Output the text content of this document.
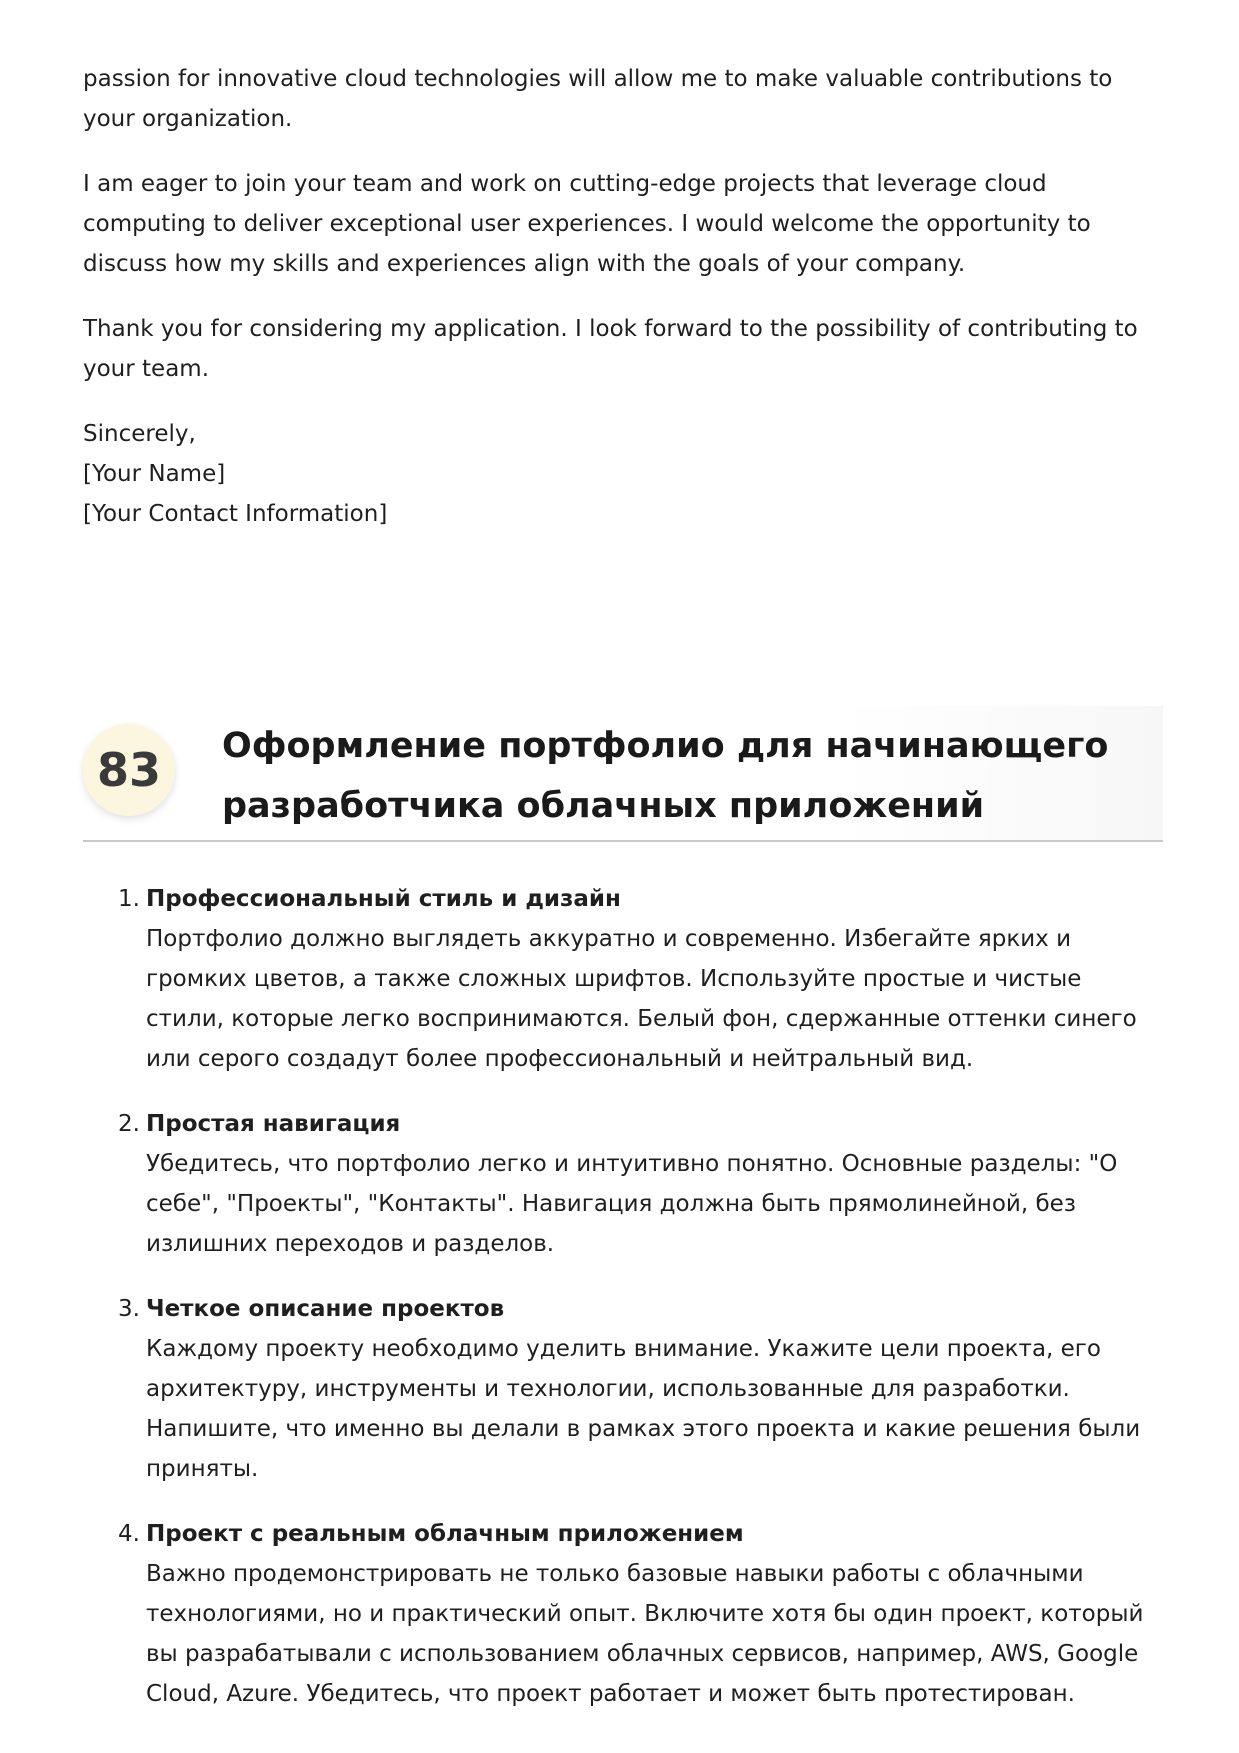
passion for innovative cloud technologies will allow me to make valuable contributions to your organization.

I am eager to join your team and work on cutting-edge projects that leverage cloud computing to deliver exceptional user experiences. I would welcome the opportunity to discuss how my skills and experiences align with the goals of your company.

Thank you for considering my application. I look forward to the possibility of contributing to your team.

Sincerely,
[Your Name]
[Your Contact Information]
83	Оформление портфолио для начинающего разработчика облачных приложений
1. Профессиональный стиль и дизайн
Портфолио должно выглядеть аккуратно и современно. Избегайте ярких и громких цветов, а также сложных шрифтов. Используйте простые и чистые стили, которые легко воспринимаются. Белый фон, сдержанные оттенки синего или серого создадут более профессиональный и нейтральный вид.
2. Простая навигация
Убедитесь, что портфолио легко и интуитивно понятно. Основные разделы: "О себе", "Проекты", "Контакты". Навигация должна быть прямолинейной, без излишних переходов и разделов.
3. Четкое описание проектов
Каждому проекту необходимо уделить внимание. Укажите цели проекта, его архитектуру, инструменты и технологии, использованные для разработки. Напишите, что именно вы делали в рамках этого проекта и какие решения были приняты.
4. Проект с реальным облачным приложением
Важно продемонстрировать не только базовые навыки работы с облачными технологиями, но и практический опыт. Включите хотя бы один проект, который вы разрабатывали с использованием облачных сервисов, например, AWS, Google Cloud, Azure. Убедитесь, что проект работает и может быть протестирован.
